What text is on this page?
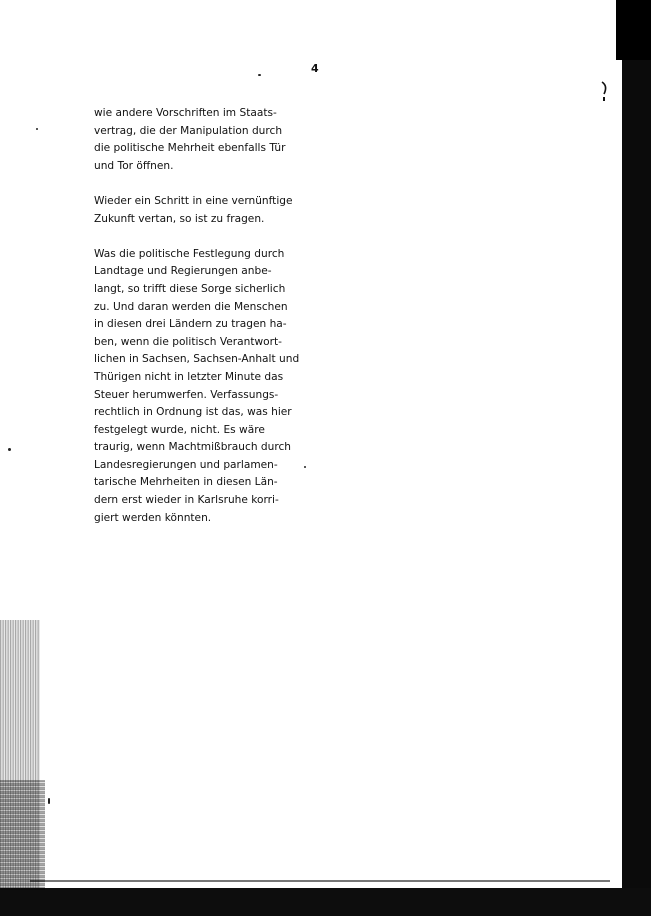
4
wie andere Vorschriften im Staats-
vertrag, die der Manipulation durch
die politische Mehrheit ebenfalls Tür
und Tor öffnen.
Wieder ein Schritt in eine vernünftige
Zukunft vertan, so ist zu fragen.
Was die politische Festlegung durch
Landtage und Regierungen anbe-
langt, so trifft diese Sorge sicherlich
zu. Und daran werden die Menschen
in diesen drei Ländern zu tragen ha-
ben, wenn die politisch Verantwort-
lichen in Sachsen, Sachsen-Anhalt und
Thürigen nicht in letzter Minute das
Steuer herumwerfen. Verfassungs-
rechtlich in Ordnung ist das, was hier
festgelegt wurde, nicht. Es wäre
traurig, wenn Machtmißbrauch durch
Landesregierungen und parlamen-
tarische Mehrheiten in diesen Län-
dern erst wieder in Karlsruhe korri-
giert werden könnten.
